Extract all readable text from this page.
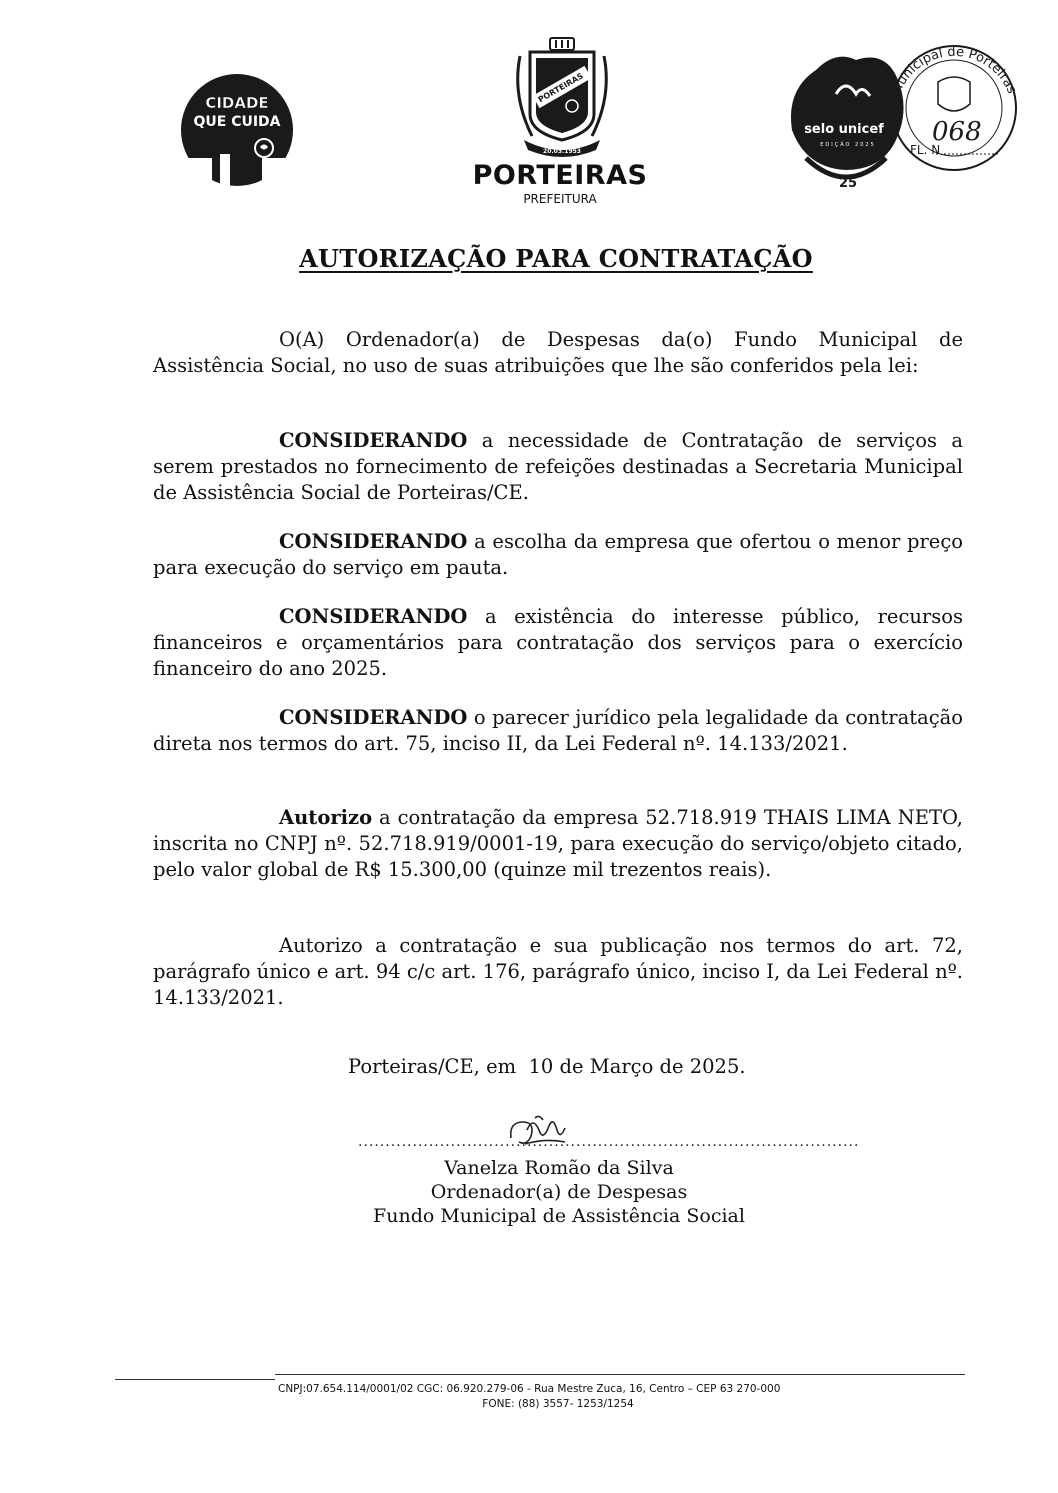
CIDADE
QUE CUIDA
PORTEIRAS
20.03.1953
PORTEIRAS
PREFEITURA
selo unicef
EDIÇÃO 2025
25
Municipal de Porteiras
FL. N
068
AUTORIZAÇÃO PARA CONTRATAÇÃO
O(A) Ordenador(a) de Despesas da(o) Fundo Municipal de Assistência Social, no uso de suas atribuições que lhe são conferidos pela lei:
CONSIDERANDO a necessidade de Contratação de serviços a serem prestados no fornecimento de refeições destinadas a Secretaria Municipal de Assistência Social de Porteiras/CE.
CONSIDERANDO a escolha da empresa que ofertou o menor preço para execução do serviço em pauta.
CONSIDERANDO a existência do interesse público, recursos financeiros e orçamentários para contratação dos serviços para o exercício financeiro do ano 2025.
CONSIDERANDO o parecer jurídico pela legalidade da contratação direta nos termos do art. 75, inciso II, da Lei Federal nº. 14.133/2021.
Autorizo a contratação da empresa 52.718.919 THAIS LIMA NETO, inscrita no CNPJ nº. 52.718.919/0001-19, para execução do serviço/objeto citado, pelo valor global de R$ 15.300,00 (quinze mil trezentos reais).
Autorizo a contratação e sua publicação nos termos do art. 72, parágrafo único e art. 94 c/c art. 176, parágrafo único, inciso I, da Lei Federal nº. 14.133/2021.
Porteiras/CE, em  10 de Março de 2025.
............................................................................................
Vanelza Romão da Silva
Ordenador(a) de Despesas
Fundo Municipal de Assistência Social
CNPJ:07.654.114/0001/02 CGC: 06.920.279-06 - Rua Mestre Zuca, 16, Centro – CEP 63 270-000
FONE: (88) 3557- 1253/1254
